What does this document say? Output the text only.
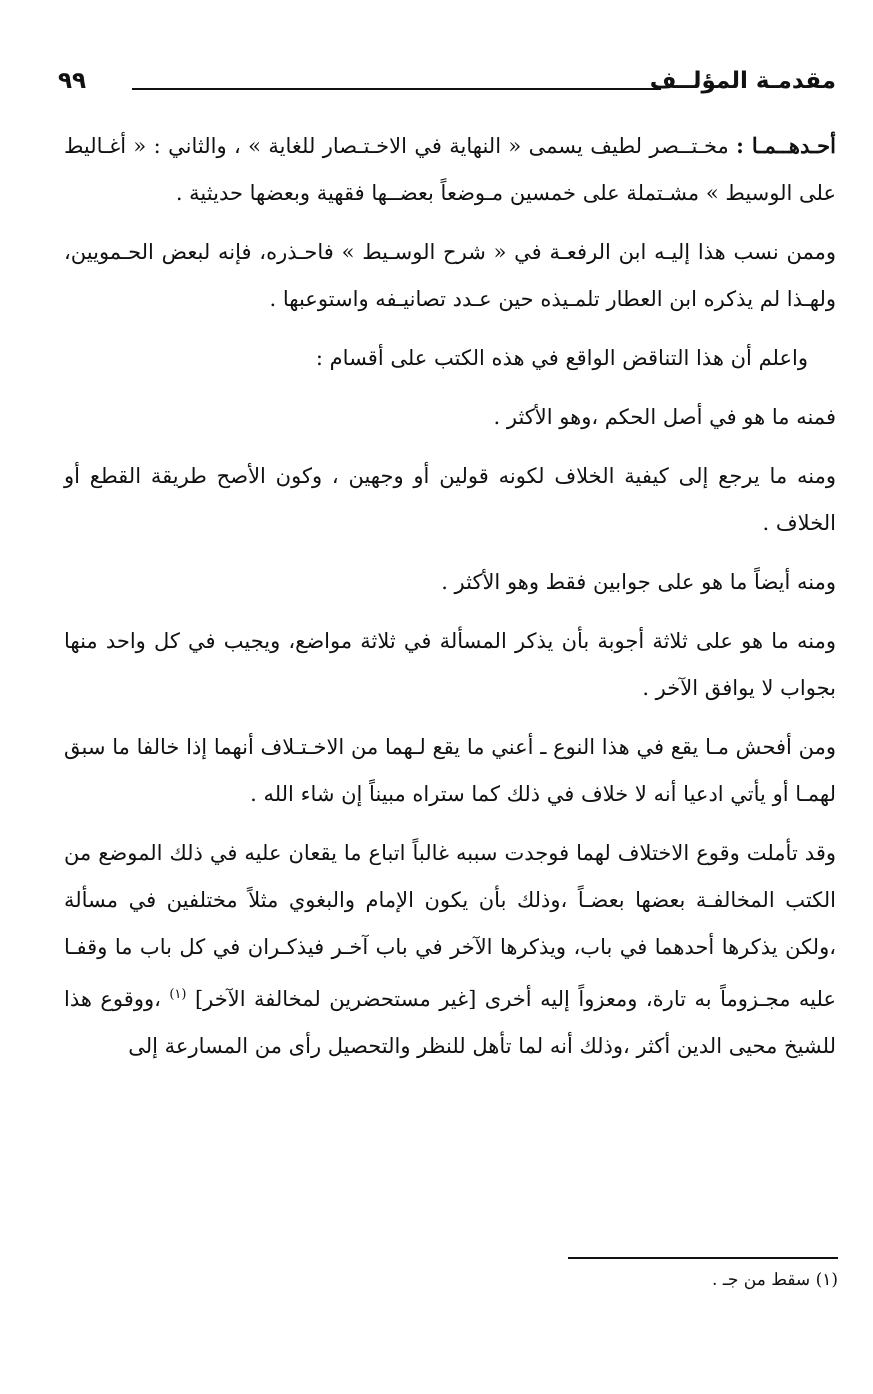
مقدمـة المؤلــف
٩٩

أحـدهــمـا : مخـتــصر لطيف يسمى « النهاية في الاخـتـصار للغاية » ، والثاني : « أغـاليط على الوسيط » مشـتملة على خمسين مـوضعاً بعضــها فقهية وبعضها حديثية .

وممن نسب هذا إليـه ابن الرفعـة في « شرح الوسـيط » فاحـذره، فإنه لبعض الحـمويين، ولهـذا لم يذكره ابن العطار تلمـيذه حين عـدد تصانيـفه واستوعبها .

واعلم أن هذا التناقض الواقع في هذه الكتب على أقسام :

فمنه ما هو في أصل الحكم ،وهو الأكثر .

ومنه ما يرجع إلى كيفية الخلاف لكونه قولين أو وجهين ، وكون الأصح طريقة القطع أو الخلاف .

ومنه أيضاً ما هو على جوابين فقط وهو الأكثر .

ومنه ما هو على ثلاثة أجوبة بأن يذكر المسألة في ثلاثة مواضع، ويجيب في كل واحد منها بجواب لا يوافق الآخر .

ومن أفحش مـا يقع في هذا النوع ـ أعني ما يقع لـهما من الاخـتـلاف أنهما إذا خالفا ما سبق لهمـا أو يأتي ادعيا أنه لا خلاف في ذلك كما ستراه مبيناً إن شاء الله .

وقد تأملت وقوع الاختلاف لهما فوجدت سببه غالباً اتباع ما يقعان عليه في ذلك الموضع من الكتب المخالفـة بعضها بعضـاً ،وذلك بأن يكون الإمام والبغوي مثلاً مختلفين في مسألة ،ولكن يذكرها أحدهما في باب، ويذكرها الآخر في باب آخـر فيذكـران في كل باب ما وقفـا عليه مجـزوماً به تارة، ومعزواً إليه أخرى [غير مستحضرين لمخالفة الآخر] $^{(١)}$ ،ووقوع هذا للشيخ محيى الدين أكثر ،وذلك أنه لما تأهل للنظر والتحصيل رأى من المسارعة إلى

(١) سقط من جـ .
